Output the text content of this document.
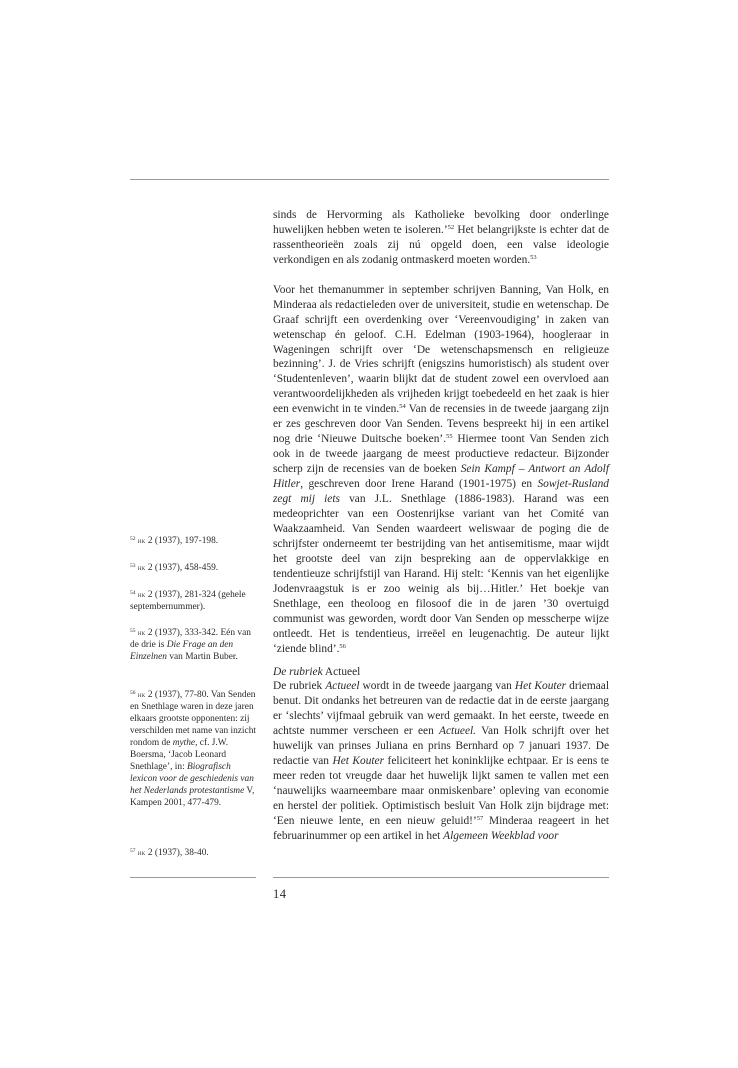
sinds de Hervorming als Katholieke bevolking door onderlinge huwelijken hebben weten te isoleren.’$^{52}$ Het belangrijkste is echter dat de rassentheorieën zoals zij nú opgeld doen, een valse ideologie verkondigen en als zodanig ontmaskerd moeten worden.$^{53}$

Voor het themanummer in september schrijven Banning, Van Holk, en Minderaa als redactieleden over de universiteit, studie en wetenschap. De Graaf schrijft een overdenking over ‘Vereenvoudiging’ in zaken van wetenschap én geloof. C.H. Edelman (1903-1964), hoogleraar in Wageningen schrijft over ‘De wetenschapsmensch en religieuze bezinning’. J. de Vries schrijft (enigszins humoristisch) als student over ‘Studentenleven’, waarin blijkt dat de student zowel een overvloed aan verantwoordelijkheden als vrijheden krijgt toebedeeld en het zaak is hier een evenwicht in te vinden.$^{54}$ Van de recensies in de tweede jaargang zijn er zes geschreven door Van Senden. Tevens bespreekt hij in een artikel nog drie ‘Nieuwe Duitsche boeken’.$^{55}$ Hiermee toont Van Senden zich ook in de tweede jaargang de meest productieve redacteur. Bijzonder scherp zijn de recensies van de boeken Sein Kampf – Antwort an Adolf Hitler, geschreven door Irene Harand (1901-1975) en Sowjet-Rusland zegt mij iets van J.L. Snethlage (1886-1983). Harand was een medeoprichter van een Oostenrijkse variant van het Comité van Waakzaamheid. Van Senden waardeert weliswaar de poging die de schrijfster onderneemt ter bestrijding van het antisemitisme, maar wijdt het grootste deel van zijn bespreking aan de oppervlakkige en tendentieuze schrijfstijl van Harand. Hij stelt: ‘Kennis van het eigenlijke Jodenvraagstuk is er zoo weinig als bij…Hitler.’ Het boekje van Snethlage, een theoloog en filosoof die in de jaren ’30 overtuigd communist was geworden, wordt door Van Senden op messcherpe wijze ontleedt. Het is tendentieus, irreëel en leugenachtig. De auteur lijkt ‘ziende blind’.$^{56}$

De rubriek Actueel

De rubriek Actueel wordt in de tweede jaargang van Het Kouter driemaal benut. Dit ondanks het betreuren van de redactie dat in de eerste jaargang er ‘slechts’ vijfmaal gebruik van werd gemaakt. In het eerste, tweede en achtste nummer verscheen er een Actueel. Van Holk schrijft over het huwelijk van prinses Juliana en prins Bernhard op 7 januari 1937. De redactie van Het Kouter feliciteert het koninklijke echtpaar. Er is eens te meer reden tot vreugde daar het huwelijk lijkt samen te vallen met een ‘nauwelijks waarneembare maar onmiskenbare’ opleving van economie en herstel der politiek. Optimistisch besluit Van Holk zijn bijdrage met: ‘Een nieuwe lente, en een nieuw geluid!’$^{57}$ Minderaa reageert in het februarinummer op een artikel in het Algemeen Weekblad voor

$^{52}$ hk 2 (1937), 197-198.

$^{53}$ hk 2 (1937), 458-459.

$^{54}$ hk 2 (1937), 281-324 (gehele septembernummer).

$^{55}$ hk 2 (1937), 333-342. Eén van de drie is Die Frage an den Einzelnen van Martin Buber.

$^{56}$ hk 2 (1937), 77-80. Van Senden en Snethlage waren in deze jaren elkaars grootste opponenten: zij verschilden met name van inzicht rondom de mythe, cf. J.W. Boersma, ‘Jacob Leonard Snethlage’, in: Biografisch lexicon voor de geschiedenis van het Nederlands protestantisme V, Kampen 2001, 477-479.

$^{57}$ hk 2 (1937), 38-40.

14
